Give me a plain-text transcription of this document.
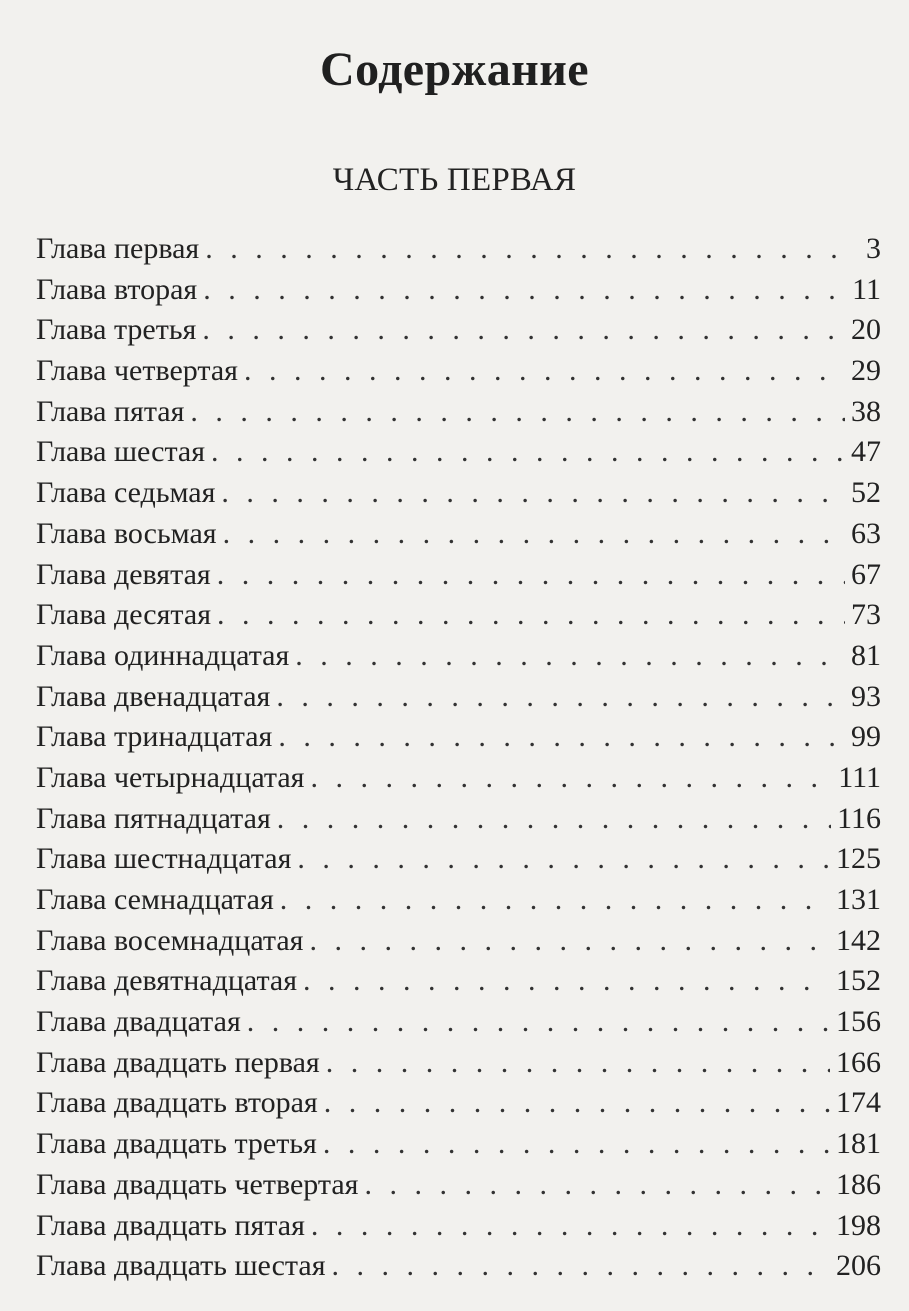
Содержание
ЧАСТЬ ПЕРВАЯ
Глава первая . . .	3
Глава вторая . . .	11
Глава третья . . .	20
Глава четвертая . . .	29
Глава пятая . . .	38
Глава шестая . . .	47
Глава седьмая . . .	52
Глава восьмая . . .	63
Глава девятая . . .	67
Глава десятая . . .	73
Глава одиннадцатая . . .	81
Глава двенадцатая . . .	93
Глава тринадцатая . . .	99
Глава четырнадцатая . . .	111
Глава пятнадцатая . . .	116
Глава шестнадцатая . . .	125
Глава семнадцатая . . .	131
Глава восемнадцатая . . .	142
Глава девятнадцатая . . .	152
Глава двадцатая . . .	156
Глава двадцать первая . . .	166
Глава двадцать вторая . . .	174
Глава двадцать третья . . .	181
Глава двадцать четвертая . . .	186
Глава двадцать пятая . . .	198
Глава двадцать шестая . . .	206
